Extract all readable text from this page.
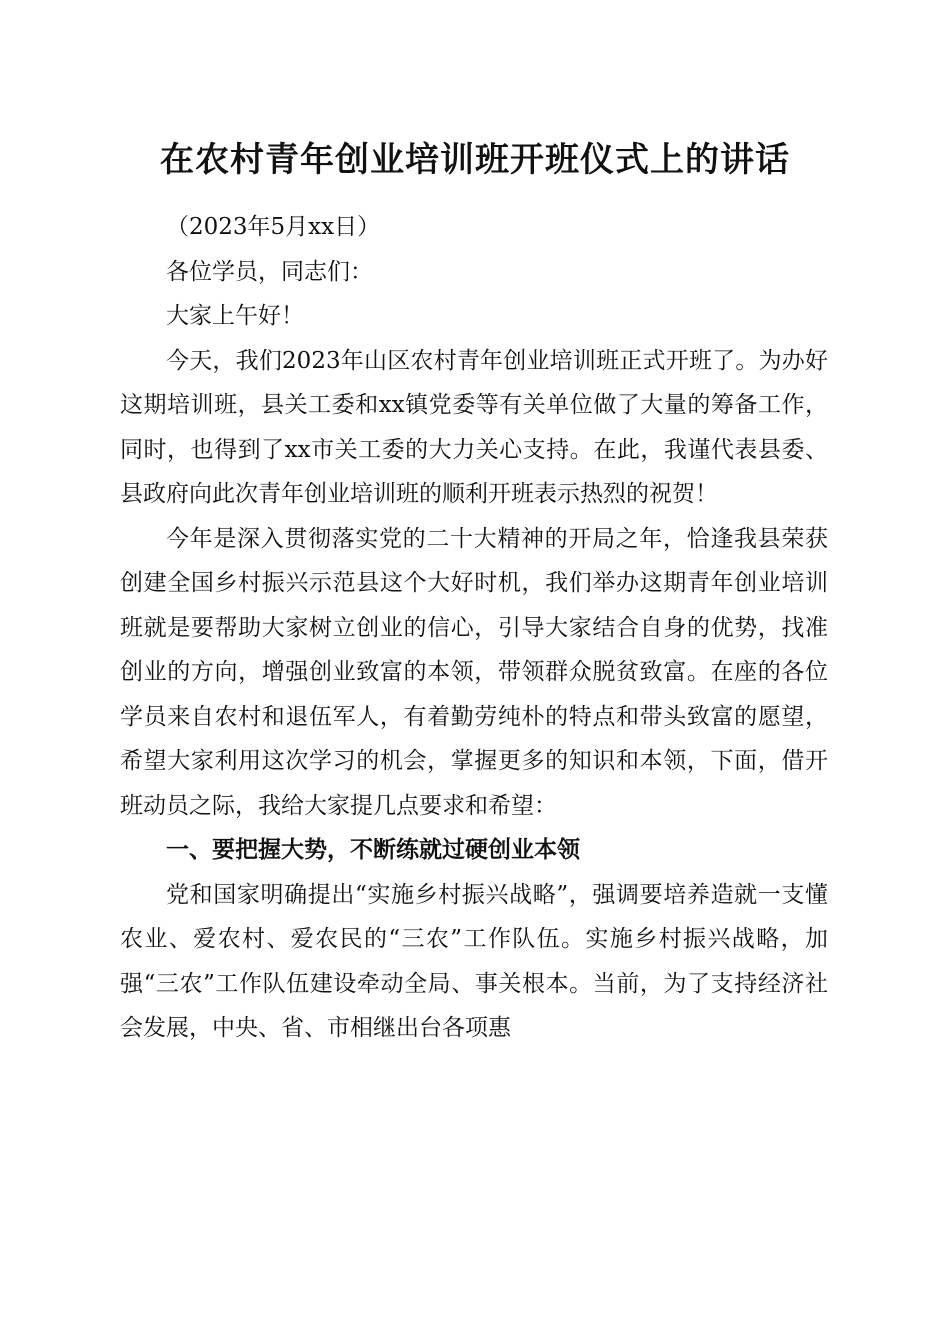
在农村青年创业培训班开班仪式上的讲话

（2023年5月xx日）

各位学员，同志们：

大家上午好！

今天，我们2023年山区农村青年创业培训班正式开班了。为办好这期培训班，县关工委和xx镇党委等有关单位做了大量的筹备工作，同时，也得到了xx市关工委的大力关心支持。在此，我谨代表县委、县政府向此次青年创业培训班的顺利开班表示热烈的祝贺！

今年是深入贯彻落实党的二十大精神的开局之年，恰逢我县荣获创建全国乡村振兴示范县这个大好时机，我们举办这期青年创业培训班就是要帮助大家树立创业的信心，引导大家结合自身的优势，找准创业的方向，增强创业致富的本领，带领群众脱贫致富。在座的各位学员来自农村和退伍军人，有着勤劳纯朴的特点和带头致富的愿望，希望大家利用这次学习的机会，掌握更多的知识和本领，下面，借开班动员之际，我给大家提几点要求和希望：

一、要把握大势，不断练就过硬创业本领

党和国家明确提出“实施乡村振兴战略”，强调要培养造就一支懂农业、爱农村、爱农民的“三农”工作队伍。实施乡村振兴战略，加强“三农”工作队伍建设牵动全局、事关根本。当前，为了支持经济社会发展，中央、省、市相继出台各项惠
